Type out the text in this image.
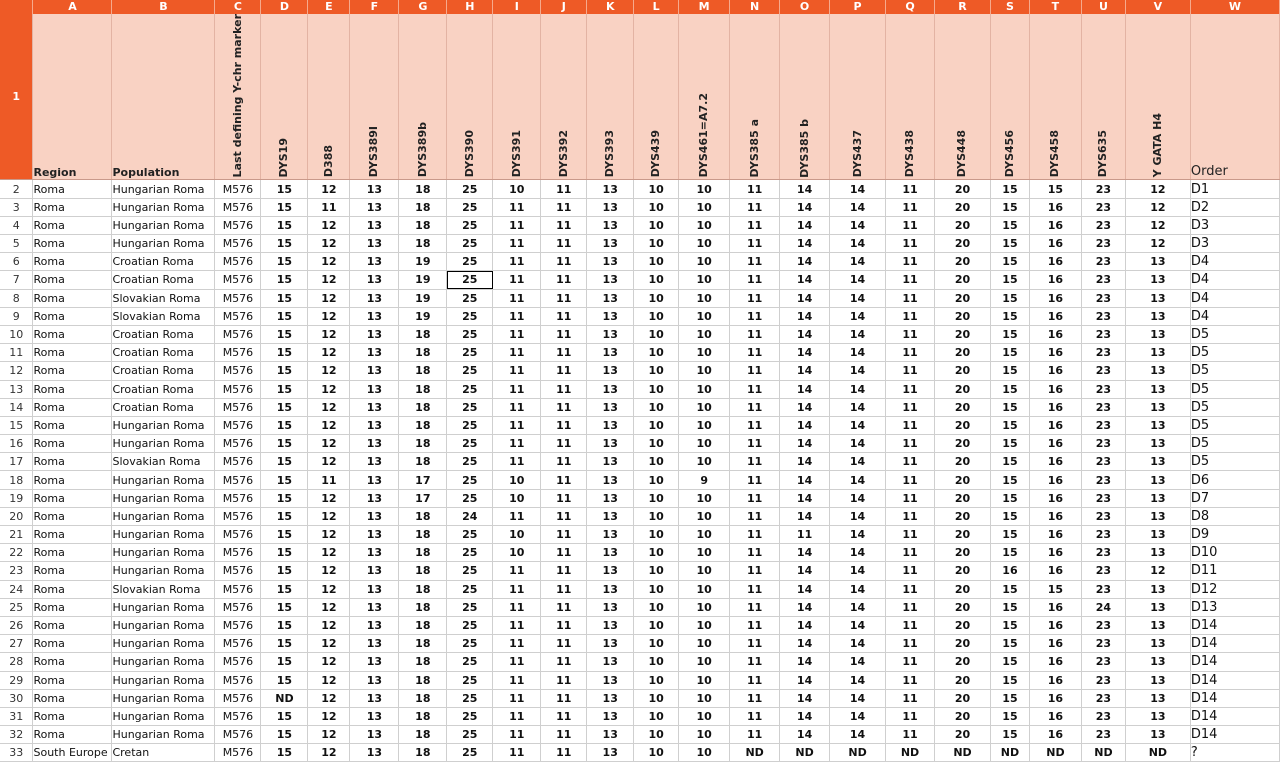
	A	B	C	D	E	F	G	H	I	J	K	L	M	N	O	P	Q	R	S	T	U	V	W
1	Region	Population	Last defining Y-chr marker	DYS19	D388	DYS389I	DYS389b	DYS390	DYS391	DYS392	DYS393	DYS439	DYS461=A7.2	DYS385 a	DYS385 b	DYS437	DYS438	DYS448	DYS456	DYS458	DYS635	Y GATA H4	Order
2	Roma	Hungarian Roma	M576	15	12	13	18	25	10	11	13	10	10	11	14	14	11	20	15	15	23	12	D1
3	Roma	Hungarian Roma	M576	15	11	13	18	25	11	11	13	10	10	11	14	14	11	20	15	16	23	12	D2
4	Roma	Hungarian Roma	M576	15	12	13	18	25	11	11	13	10	10	11	14	14	11	20	15	16	23	12	D3
5	Roma	Hungarian Roma	M576	15	12	13	18	25	11	11	13	10	10	11	14	14	11	20	15	16	23	12	D3
6	Roma	Croatian Roma	M576	15	12	13	19	25	11	11	13	10	10	11	14	14	11	20	15	16	23	13	D4
7	Roma	Croatian Roma	M576	15	12	13	19	25	11	11	13	10	10	11	14	14	11	20	15	16	23	13	D4
8	Roma	Slovakian Roma	M576	15	12	13	19	25	11	11	13	10	10	11	14	14	11	20	15	16	23	13	D4
9	Roma	Slovakian Roma	M576	15	12	13	19	25	11	11	13	10	10	11	14	14	11	20	15	16	23	13	D4
10	Roma	Croatian Roma	M576	15	12	13	18	25	11	11	13	10	10	11	14	14	11	20	15	16	23	13	D5
11	Roma	Croatian Roma	M576	15	12	13	18	25	11	11	13	10	10	11	14	14	11	20	15	16	23	13	D5
12	Roma	Croatian Roma	M576	15	12	13	18	25	11	11	13	10	10	11	14	14	11	20	15	16	23	13	D5
13	Roma	Croatian Roma	M576	15	12	13	18	25	11	11	13	10	10	11	14	14	11	20	15	16	23	13	D5
14	Roma	Croatian Roma	M576	15	12	13	18	25	11	11	13	10	10	11	14	14	11	20	15	16	23	13	D5
15	Roma	Hungarian Roma	M576	15	12	13	18	25	11	11	13	10	10	11	14	14	11	20	15	16	23	13	D5
16	Roma	Hungarian Roma	M576	15	12	13	18	25	11	11	13	10	10	11	14	14	11	20	15	16	23	13	D5
17	Roma	Slovakian Roma	M576	15	12	13	18	25	11	11	13	10	10	11	14	14	11	20	15	16	23	13	D5
18	Roma	Hungarian Roma	M576	15	11	13	17	25	10	11	13	10	9	11	14	14	11	20	15	16	23	13	D6
19	Roma	Hungarian Roma	M576	15	12	13	17	25	10	11	13	10	10	11	14	14	11	20	15	16	23	13	D7
20	Roma	Hungarian Roma	M576	15	12	13	18	24	11	11	13	10	10	11	14	14	11	20	15	16	23	13	D8
21	Roma	Hungarian Roma	M576	15	12	13	18	25	10	11	13	10	10	11	11	14	11	20	15	16	23	13	D9
22	Roma	Hungarian Roma	M576	15	12	13	18	25	10	11	13	10	10	11	14	14	11	20	15	16	23	13	D10
23	Roma	Hungarian Roma	M576	15	12	13	18	25	11	11	13	10	10	11	14	14	11	20	16	16	23	12	D11
24	Roma	Slovakian Roma	M576	15	12	13	18	25	11	11	13	10	10	11	14	14	11	20	15	15	23	13	D12
25	Roma	Hungarian Roma	M576	15	12	13	18	25	11	11	13	10	10	11	14	14	11	20	15	16	24	13	D13
26	Roma	Hungarian Roma	M576	15	12	13	18	25	11	11	13	10	10	11	14	14	11	20	15	16	23	13	D14
27	Roma	Hungarian Roma	M576	15	12	13	18	25	11	11	13	10	10	11	14	14	11	20	15	16	23	13	D14
28	Roma	Hungarian Roma	M576	15	12	13	18	25	11	11	13	10	10	11	14	14	11	20	15	16	23	13	D14
29	Roma	Hungarian Roma	M576	15	12	13	18	25	11	11	13	10	10	11	14	14	11	20	15	16	23	13	D14
30	Roma	Hungarian Roma	M576	ND	12	13	18	25	11	11	13	10	10	11	14	14	11	20	15	16	23	13	D14
31	Roma	Hungarian Roma	M576	15	12	13	18	25	11	11	13	10	10	11	14	14	11	20	15	16	23	13	D14
32	Roma	Hungarian Roma	M576	15	12	13	18	25	11	11	13	10	10	11	14	14	11	20	15	16	23	13	D14
33	South Europe	Cretan	M576	15	12	13	18	25	11	11	13	10	10	ND	ND	ND	ND	ND	ND	ND	ND	ND	?
